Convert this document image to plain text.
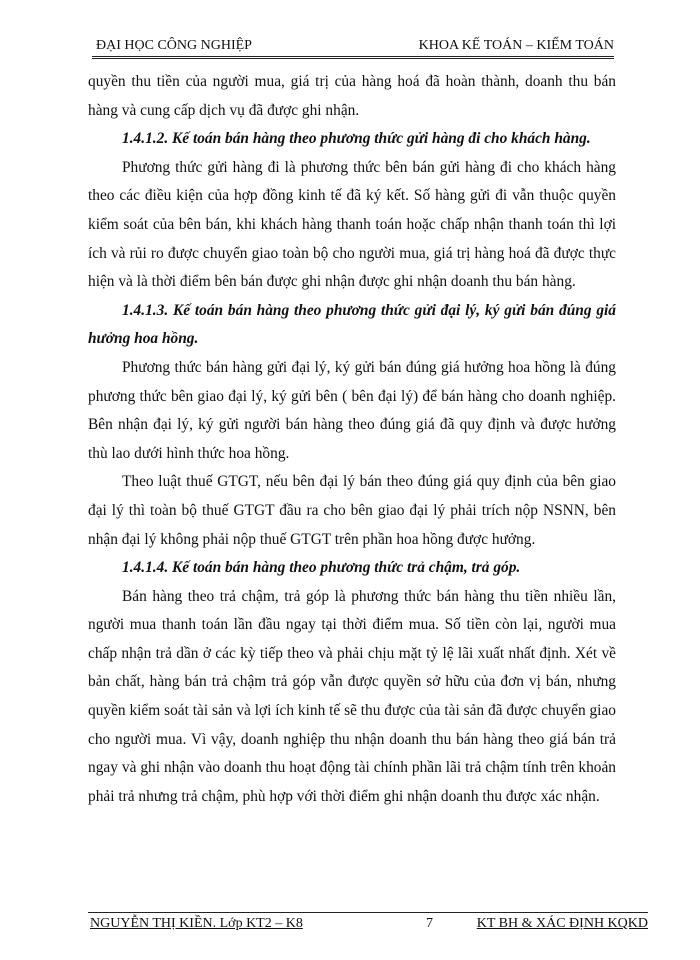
ĐẠI HỌC CÔNG NGHIỆP	KHOA KẾ TOÁN – KIỂM TOÁN

quyền thu tiền của người mua, giá trị của hàng hoá đã hoàn thành, doanh thu bán hàng và cung cấp dịch vụ đã được ghi nhận.

1.4.1.2. Kế toán bán hàng theo phương thức gửi hàng đi cho khách hàng.

Phương thức gửi hàng đi là phương thức bên bán gửi hàng đi cho khách hàng theo các điều kiện của hợp đồng kinh tế đã ký kết. Số hàng gửi đi vẫn thuộc quyền kiểm soát của bên bán, khi khách hàng thanh toán hoặc chấp nhận thanh toán thì lợi ích và rủi ro được chuyển giao toàn bộ cho người mua, giá trị hàng hoá đã được thực hiện và là thời điểm bên bán được ghi nhận được ghi nhận doanh thu bán hàng.

1.4.1.3. Kế toán bán hàng theo phương thức gửi đại lý, ký gửi bán đúng giá hưởng hoa hồng.

Phương thức bán hàng gửi đại lý, ký gửi bán đúng giá hưởng hoa hồng là đúng phương thức bên giao đại lý, ký gửi bên ( bên đại lý) để bán hàng cho doanh nghiệp. Bên nhận đại lý, ký gửi người bán hàng theo đúng giá đã quy định và được hưởng thù lao dưới hình thức hoa hồng.

Theo luật thuế GTGT, nếu bên đại lý bán theo đúng giá quy định của bên giao đại lý thì toàn bộ thuế GTGT đầu ra cho bên giao đại lý phải trích nộp NSNN, bên nhận đại lý không phải nộp thuế GTGT trên phần hoa hồng được hưởng.

1.4.1.4. Kế toán bán hàng theo phương thức trả chậm, trả góp.

Bán hàng theo trả chậm, trả góp là phương thức bán hàng thu tiền nhiều lần, người mua thanh toán lần đầu ngay tại thời điểm mua. Số tiền còn lại, người mua chấp nhận trả dần ở các kỳ tiếp theo và phải chịu mặt tỷ lệ lãi xuất nhất định. Xét về bản chất, hàng bán trả chậm trả góp vẫn được quyền sở hữu của đơn vị bán, nhưng quyền kiểm soát tài sản và lợi ích kinh tế sẽ thu được của tài sản đã được chuyển giao cho người mua. Vì vậy, doanh nghiệp thu nhận doanh thu bán hàng theo giá bán trả ngay và ghi nhận vào doanh thu hoạt động tài chính phần lãi trả chậm tính trên khoản phải trả nhưng trả chậm, phù hợp với thời điểm ghi nhận doanh thu được xác nhận.

NGUYỄN THỊ KIỀN. Lớp KT2 – K8	7	KT BH & XÁC ĐỊNH KQKD
